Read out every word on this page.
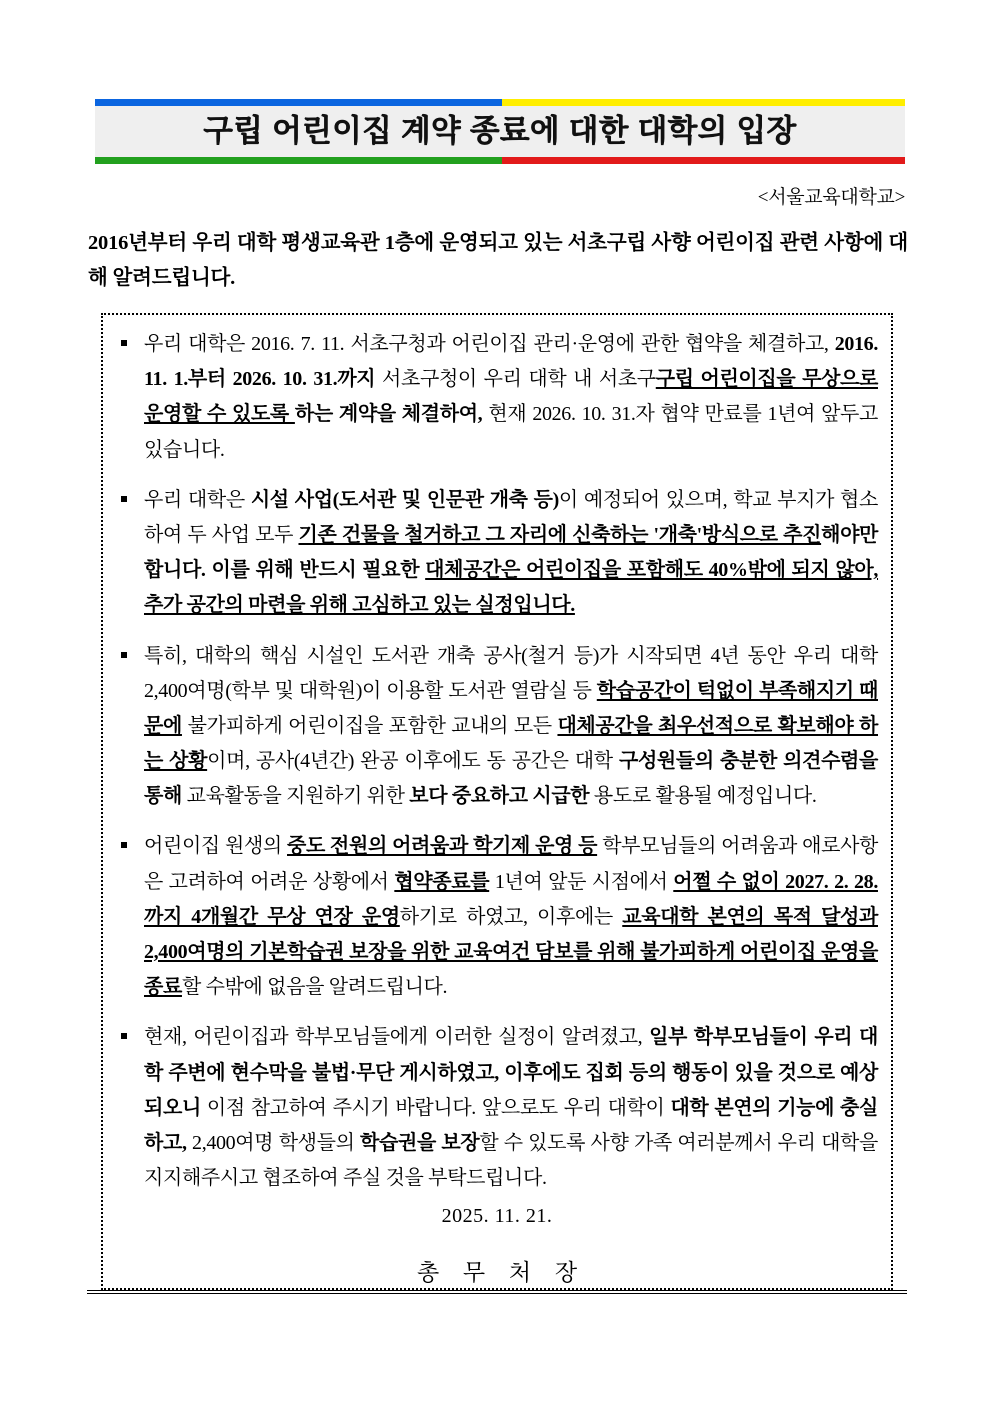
구립 어린이집 계약 종료에 대한 대학의 입장
<서울교육대학교>
2016년부터 우리 대학 평생교육관 1층에 운영되고 있는 서초구립 사향 어린이집 관련 사항에 대해 알려드립니다.
우리 대학은 2016. 7. 11. 서초구청과 어린이집 관리·운영에 관한 협약을 체결하고, 2016. 11. 1.부터 2026. 10. 31.까지 서초구청이 우리 대학 내 서초구구립 어린이집을 무상으로 운영할 수 있도록 하는 계약을 체결하여, 현재 2026. 10. 31.자 협약 만료를 1년여 앞두고 있습니다.
우리 대학은 시설 사업(도서관 및 인문관 개축 등)이 예정되어 있으며, 학교 부지가 협소하여 두 사업 모두 기존 건물을 철거하고 그 자리에 신축하는 '개축'방식으로 추진해야만 합니다. 이를 위해 반드시 필요한 대체공간은 어린이집을 포함해도 40%밖에 되지 않아, 추가 공간의 마련을 위해 고심하고 있는 실정입니다.
특히, 대학의 핵심 시설인 도서관 개축 공사(철거 등)가 시작되면 4년 동안 우리 대학 2,400여명(학부 및 대학원)이 이용할 도서관 열람실 등 학습공간이 턱없이 부족해지기 때문에 불가피하게 어린이집을 포함한 교내의 모든 대체공간을 최우선적으로 확보해야 하는 상황이며, 공사(4년간) 완공 이후에도 동 공간은 대학 구성원들의 충분한 의견수렴을 통해 교육활동을 지원하기 위한 보다 중요하고 시급한 용도로 활용될 예정입니다.
어린이집 원생의 중도 전원의 어려움과 학기제 운영 등 학부모님들의 어려움과 애로사항은 고려하여 어려운 상황에서 협약종료를 1년여 앞둔 시점에서 어쩔 수 없이 2027. 2. 28.까지 4개월간 무상 연장 운영하기로 하였고, 이후에는 교육대학 본연의 목적 달성과 2,400여명의 기본학습권 보장을 위한 교육여건 담보를 위해 불가피하게 어린이집 운영을 종료할 수밖에 없음을 알려드립니다.
현재, 어린이집과 학부모님들에게 이러한 실정이 알려졌고, 일부 학부모님들이 우리 대학 주변에 현수막을 불법·무단 게시하였고, 이후에도 집회 등의 행동이 있을 것으로 예상되오니 이점 참고하여 주시기 바랍니다. 앞으로도 우리 대학이 대학 본연의 기능에 충실하고, 2,400여명 학생들의 학습권을 보장할 수 있도록 사향 가족 여러분께서 우리 대학을 지지해주시고 협조하여 주실 것을 부탁드립니다.
2025. 11. 21.
총 무 처 장
